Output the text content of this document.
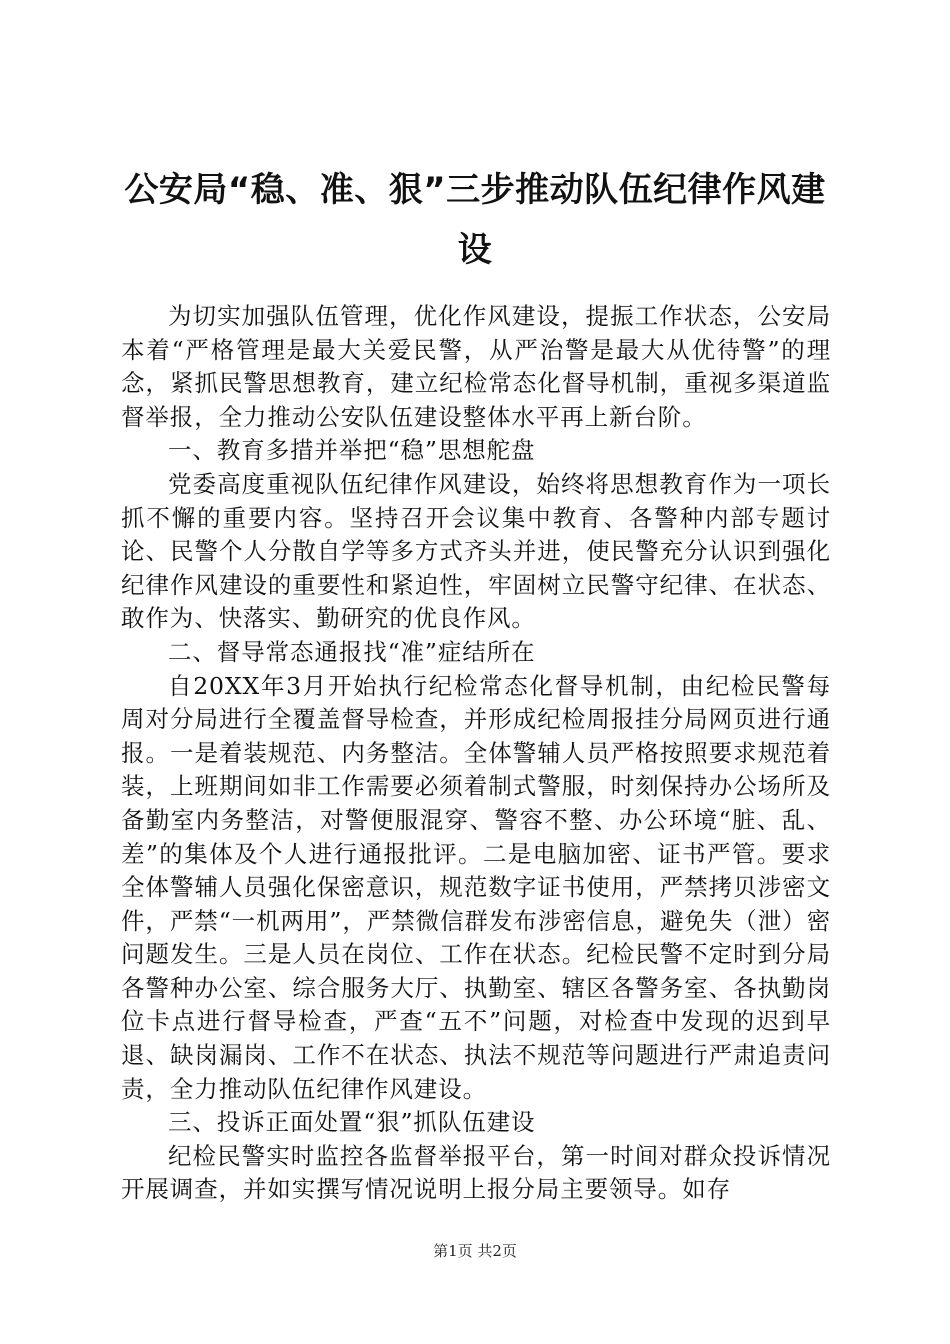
公安局“稳、准、狠”三步推动队伍纪律作风建设

为切实加强队伍管理，优化作风建设，提振工作状态，公安局本着“严格管理是最大关爱民警，从严治警是最大从优待警”的理念，紧抓民警思想教育，建立纪检常态化督导机制，重视多渠道监督举报，全力推动公安队伍建设整体水平再上新台阶。

一、教育多措并举把“稳”思想舵盘

党委高度重视队伍纪律作风建设，始终将思想教育作为一项长抓不懈的重要内容。坚持召开会议集中教育、各警种内部专题讨论、民警个人分散自学等多方式齐头并进，使民警充分认识到强化纪律作风建设的重要性和紧迫性，牢固树立民警守纪律、在状态、敢作为、快落实、勤研究的优良作风。

二、督导常态通报找“准”症结所在

自20XX年3月开始执行纪检常态化督导机制，由纪检民警每周对分局进行全覆盖督导检查，并形成纪检周报挂分局网页进行通报。一是着装规范、内务整洁。全体警辅人员严格按照要求规范着装，上班期间如非工作需要必须着制式警服，时刻保持办公场所及备勤室内务整洁，对警便服混穿、警容不整、办公环境“脏、乱、差”的集体及个人进行通报批评。二是电脑加密、证书严管。要求全体警辅人员强化保密意识，规范数字证书使用，严禁拷贝涉密文件，严禁“一机两用”，严禁微信群发布涉密信息，避免失（泄）密问题发生。三是人员在岗位、工作在状态。纪检民警不定时到分局各警种办公室、综合服务大厅、执勤室、辖区各警务室、各执勤岗位卡点进行督导检查，严查“五不”问题，对检查中发现的迟到早退、缺岗漏岗、工作不在状态、执法不规范等问题进行严肃追责问责，全力推动队伍纪律作风建设。

三、投诉正面处置“狠”抓队伍建设

纪检民警实时监控各监督举报平台，第一时间对群众投诉情况开展调查，并如实撰写情况说明上报分局主要领导。如存

第1页 共2页
